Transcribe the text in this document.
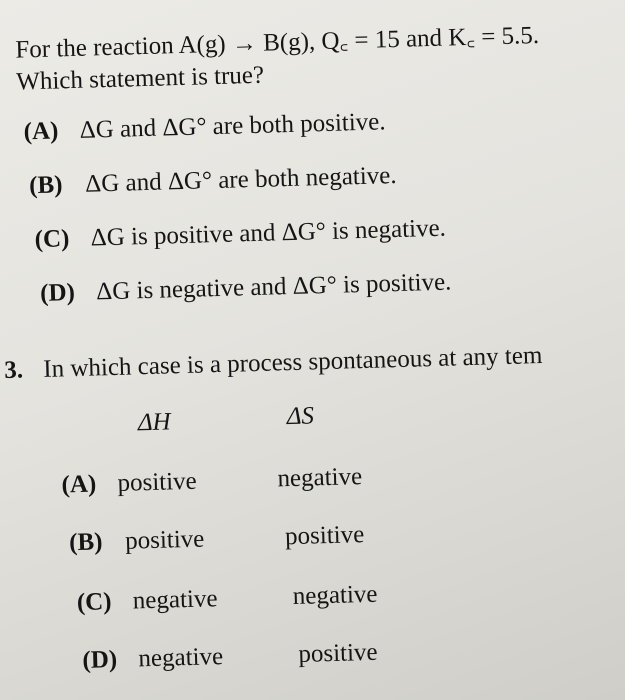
For the reaction A(g) → B(g), Q꜀ = 15 and K꜀ = 5.5.
Which statement is true?
(A) ΔG and ΔG° are both positive.
(B) ΔG and ΔG° are both negative.
(C) ΔG is positive and ΔG° is negative.
(D) ΔG is negative and ΔG° is positive.
3. In which case is a process spontaneous at any tem
ΔH	ΔS
(A) positive	negative
(B) positive	positive
(C) negative	negative
(D) negative	positive
